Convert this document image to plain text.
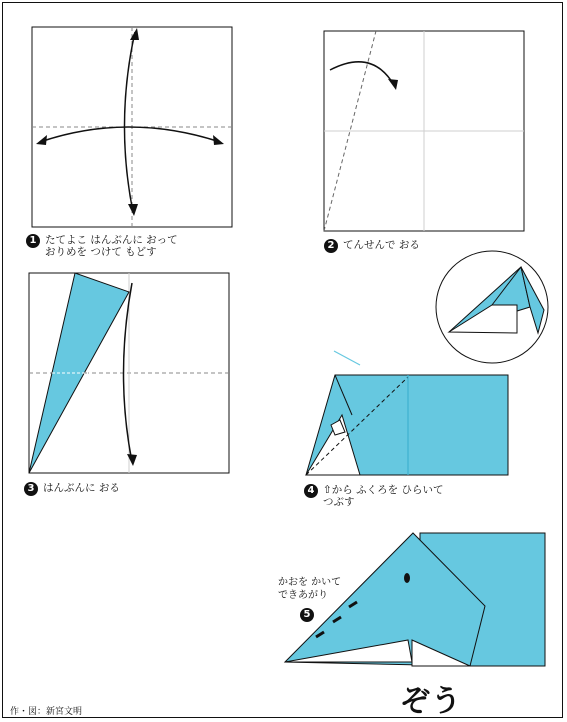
1 たてよこ はんぶんに おって
おりめを つけて もどす
2 てんせんで おる
3 はんぶんに おる	4 ⇧から ふくろを ひらいて
つぶす
かおを かいて
できあがり
5
ぞう
作・図：新宮文明
